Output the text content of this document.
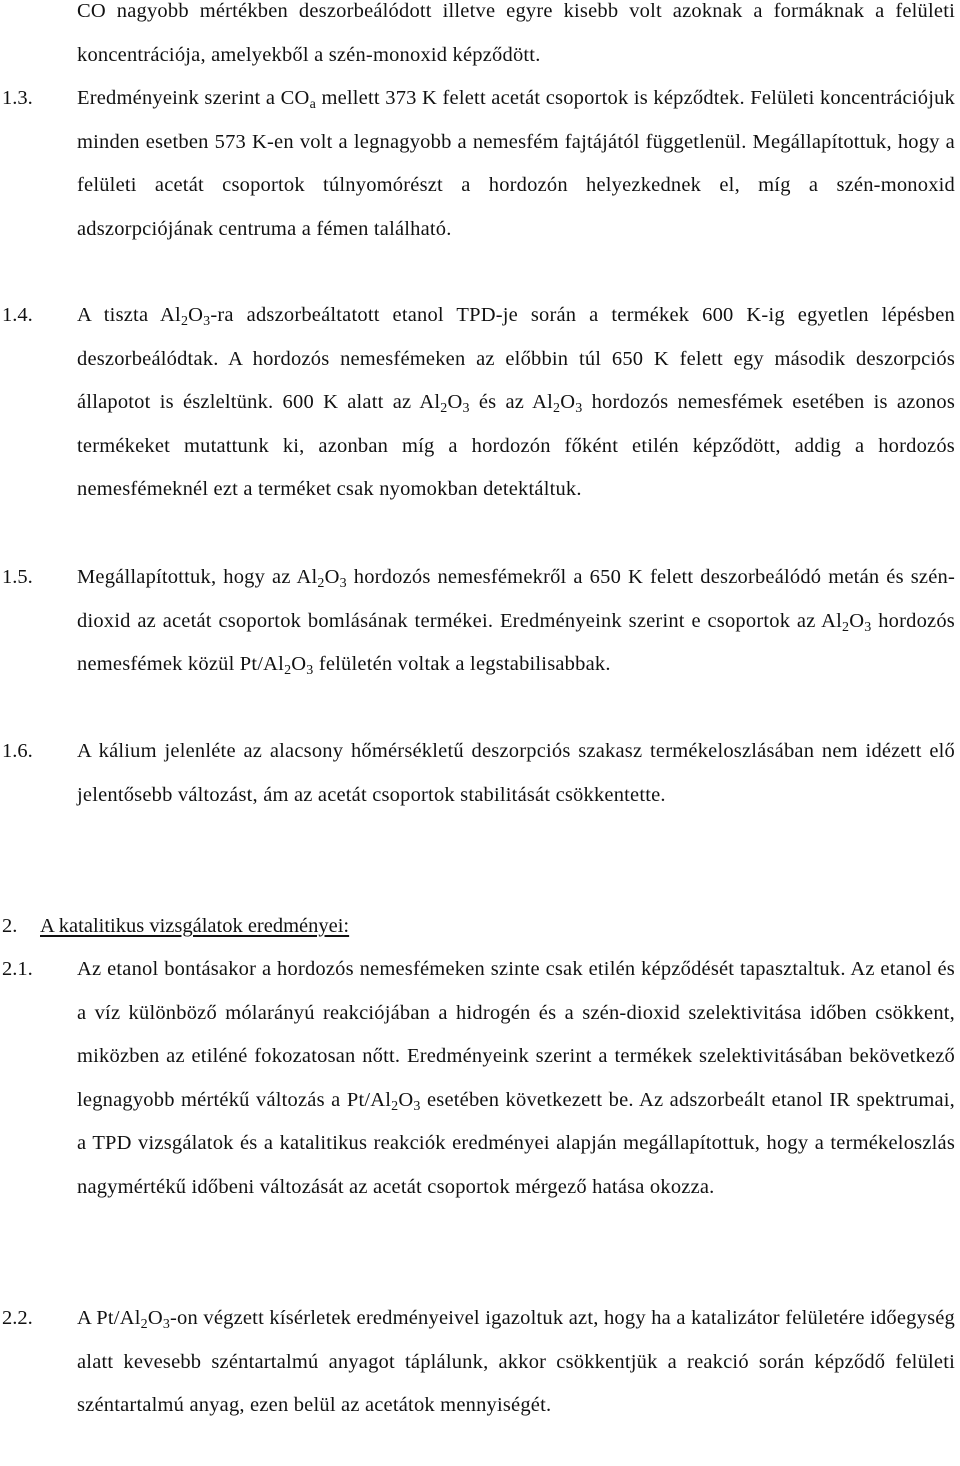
CO nagyobb mértékben deszorbeálódott illetve egyre kisebb volt azoknak a formáknak a felületi koncentrációja, amelyekből a szén-monoxid képződött.
1.3. Eredményeink szerint a $CO_a$ mellett 373 K felett acetát csoportok is képződtek. Felületi koncentrációjuk minden esetben 573 K-en volt a legnagyobb a nemesfém fajtájától függetlenül. Megállapítottuk, hogy a felületi acetát csoportok túlnyomórészt a hordozón helyezkednek el, míg a szén-monoxid adszorpciójának centruma a fémen található.
1.4. A tiszta $Al_2O_3-ra$ adszorbeáltatott etanol TPD-je során a termékek 600 K-ig egyetlen lépésben deszorbeálódtak. A hordozós nemesfémeken az előbbin túl 650 K felett egy második deszorpciós állapotot is észleltünk. 600 K alatt az $Al_2O_3$ és az $Al_2O_3$ hordozós nemesfémek esetében is azonos termékeket mutattunk ki, azonban míg a hordozón főként etilén képződött, addig a hordozós nemesfémeknél ezt a terméket csak nyomokban detektáltuk.
1.5. Megállapítottuk, hogy az $Al_2O_3$ hordozós nemesfémekről a 650 K felett deszorbeálódó metán és szén-dioxid az acetát csoportok bomlásának termékei. Eredményeink szerint e csoportok az $Al_2O_3$ hordozós nemesfémek közül $Pt/Al_2O_3$ felületén voltak a legstabilisabbak.
1.6. A kálium jelenléte az alacsony hőmérsékletű deszorpciós szakasz termékeloszlásában nem idézett elő jelentősebb változást, ám az acetát csoportok stabilitását csökkentette.
2.1. Az etanol bontásakor a hordozós nemesfémeken szinte csak etilén képződését tapasztaltuk. Az etanol és a víz különböző mólarányú reakciójában a hidrogén és a szén-dioxid szelektivitása időben csökkent, miközben az etiléné fokozatosan nőtt. Eredményeink szerint a termékek szelektivitásában bekövetkező legnagyobb mértékű változás a $Pt/Al_2O_3$ esetében következett be. Az adszorbeált etanol IR spektrumai, a TPD vizsgálatok és a katalitikus reakciók eredményei alapján megállapítottuk, hogy a termékeloszlás nagymértékű időbeni változását az acetát csoportok mérgező hatása okozza.
2.2. A $Pt/Al_2O_3-on$ végzett kísérletek eredményeivel igazoltuk azt, hogy ha a katalizátor felületére időegység alatt kevesebb széntartalmú anyagot táplálunk, akkor csökkentjük a reakció során képződő felületi széntartalmú anyag, ezen belül az acetátok mennyiségét.
2. A katalitikus vizsgálatok eredményei:
